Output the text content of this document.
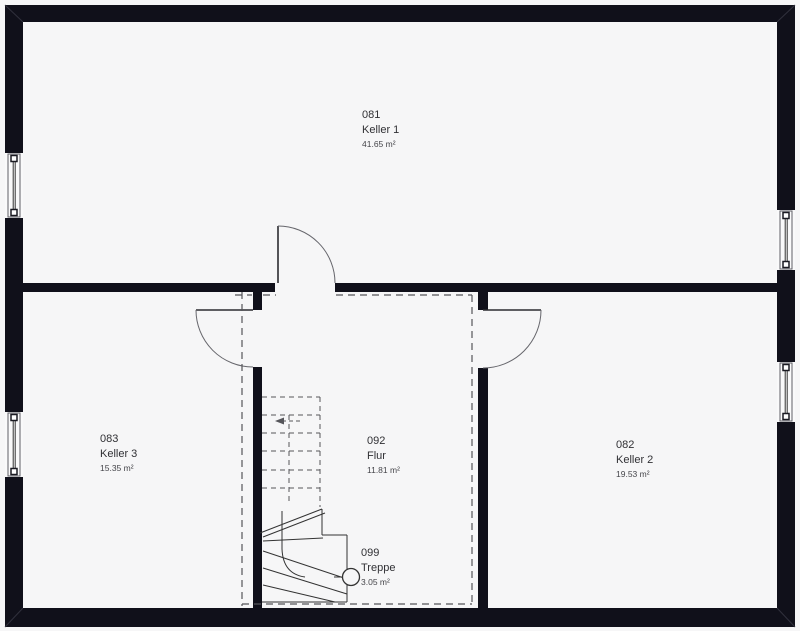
081
Keller 1
41.65 m²
083
Keller 3
15.35 m²
092
Flur
11.81 m²
082
Keller 2
19.53 m²
099
Treppe
3.05 m²
